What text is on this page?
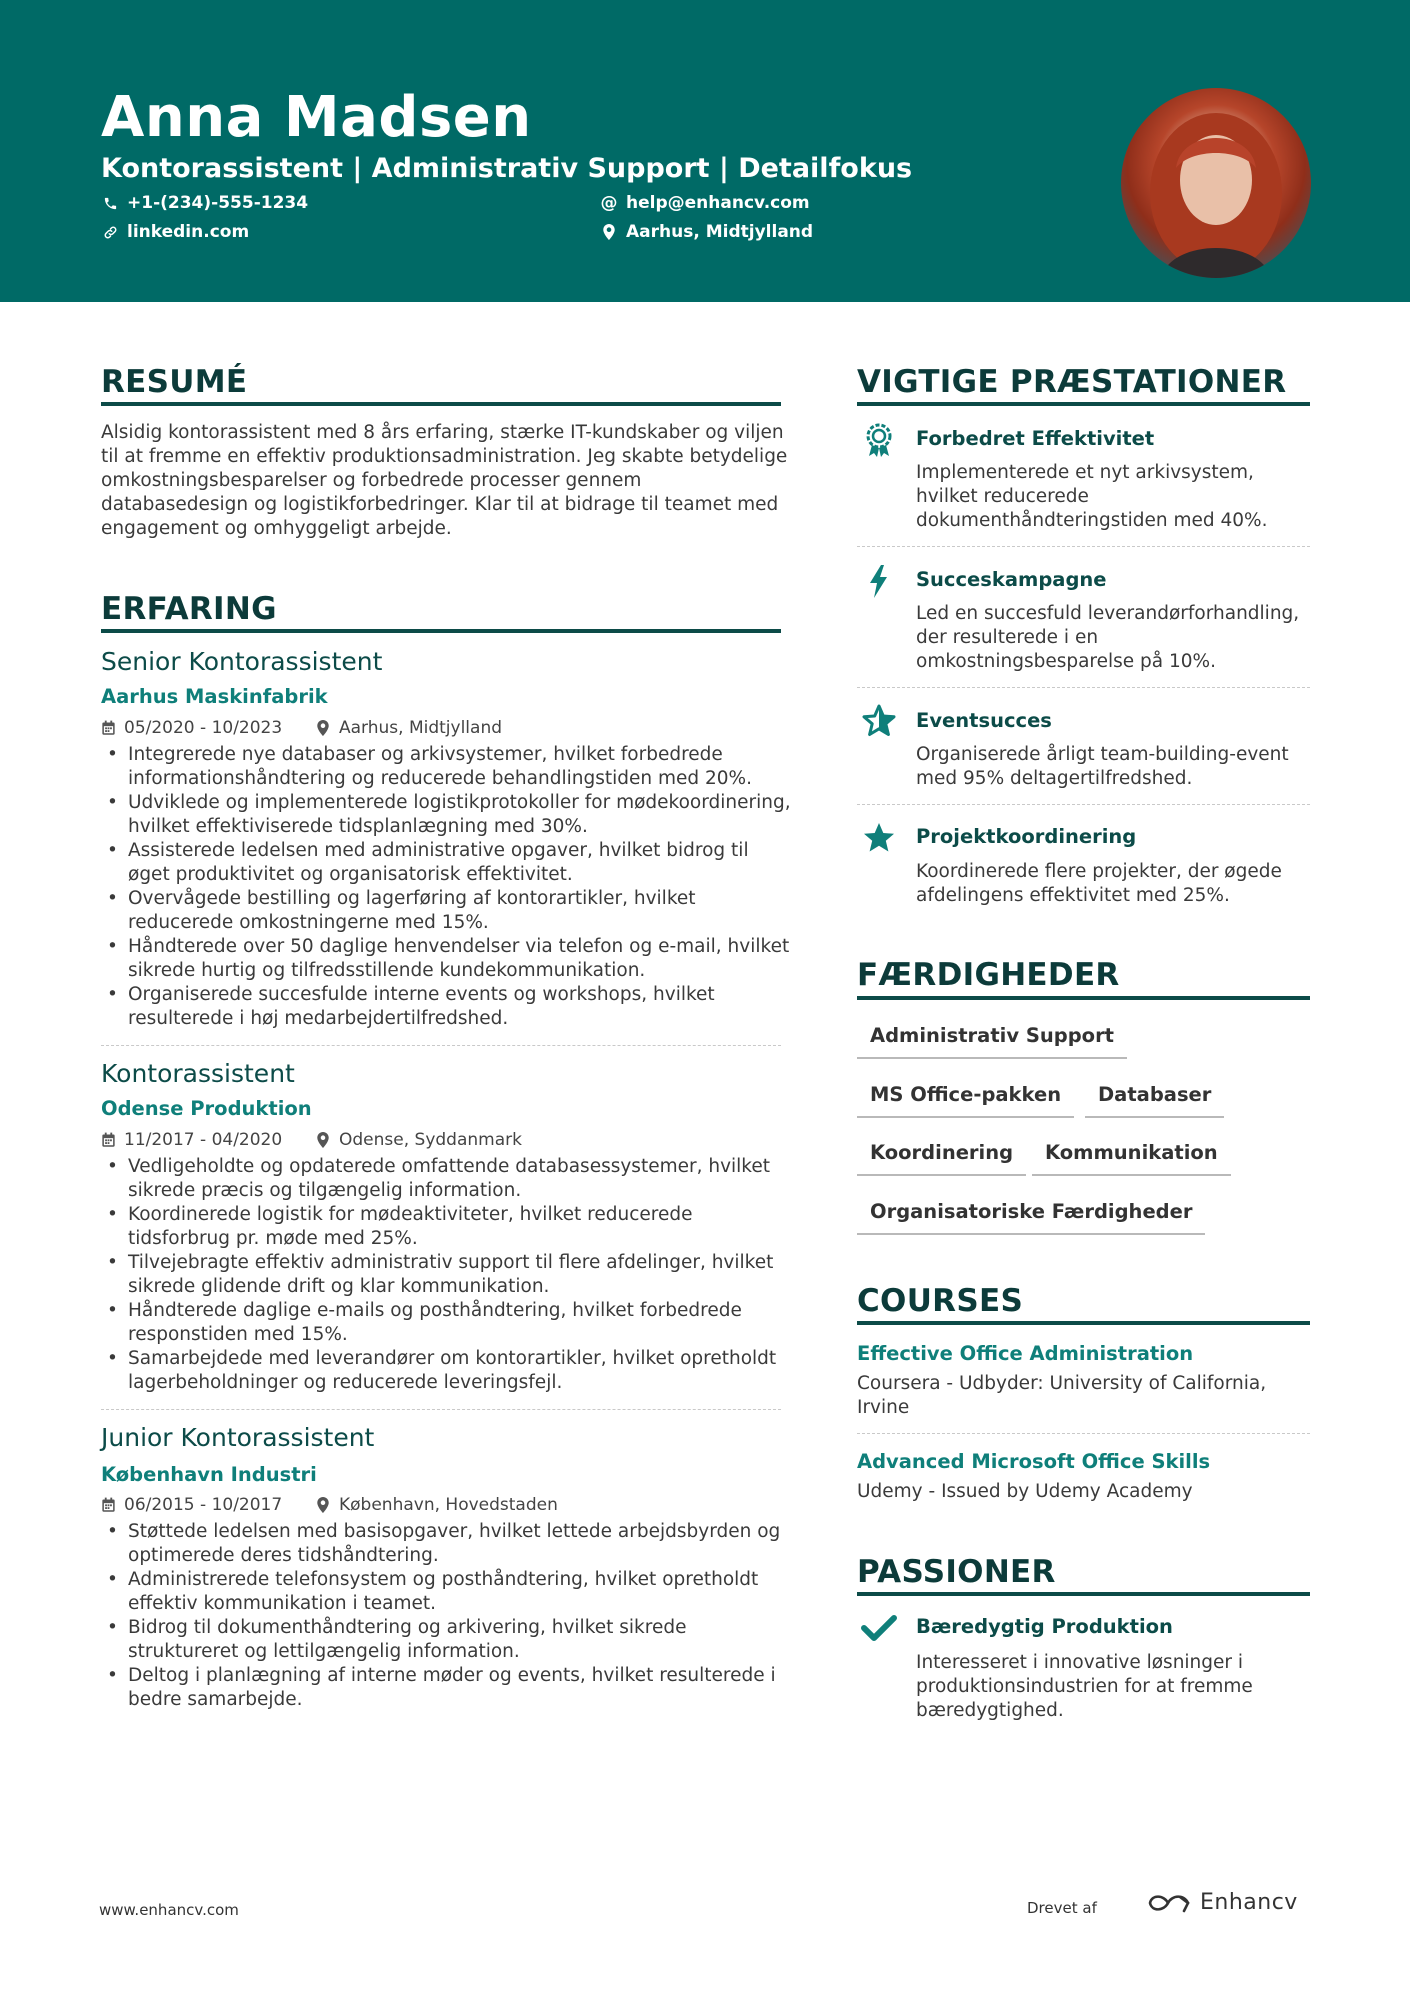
Anna Madsen
Kontorassistent | Administrativ Support | Detailfokus
+1-(234)-555-1234	@ help@enhancv.com
linkedin.com	Aarhus, Midtjylland
RESUMÉ
Alsidig kontorassistent med 8 års erfaring, stærke IT-kundskaber og viljen til at fremme en effektiv produktionsadministration. Jeg skabte betydelige omkostningsbesparelser og forbedrede processer gennem databasedesign og logistikforbedringer. Klar til at bidrage til teamet med engagement og omhyggeligt arbejde.
ERFARING
Senior Kontorassistent
Aarhus Maskinfabrik
05/2020 - 10/2023	Aarhus, Midtjylland
• Integrerede nye databaser og arkivsystemer, hvilket forbedrede informationshåndtering og reducerede behandlingstiden med 20%.
• Udviklede og implementerede logistikprotokoller for mødekoordinering, hvilket effektiviserede tidsplanlægning med 30%.
• Assisterede ledelsen med administrative opgaver, hvilket bidrog til øget produktivitet og organisatorisk effektivitet.
• Overvågede bestilling og lagerføring af kontorartikler, hvilket reducerede omkostningerne med 15%.
• Håndterede over 50 daglige henvendelser via telefon og e-mail, hvilket sikrede hurtig og tilfredsstillende kundekommunikation.
• Organiserede succesfulde interne events og workshops, hvilket resulterede i høj medarbejdertilfredshed.
Kontorassistent
Odense Produktion
11/2017 - 04/2020	Odense, Syddanmark
• Vedligeholdte og opdaterede omfattende databasessystemer, hvilket sikrede præcis og tilgængelig information.
• Koordinerede logistik for mødeaktiviteter, hvilket reducerede tidsforbrug pr. møde med 25%.
• Tilvejebragte effektiv administrativ support til flere afdelinger, hvilket sikrede glidende drift og klar kommunikation.
• Håndterede daglige e-mails og posthåndtering, hvilket forbedrede responstiden med 15%.
• Samarbejdede med leverandører om kontorartikler, hvilket opretholdt lagerbeholdninger og reducerede leveringsfejl.
Junior Kontorassistent
København Industri
06/2015 - 10/2017	København, Hovedstaden
• Støttede ledelsen med basisopgaver, hvilket lettede arbejdsbyrden og optimerede deres tidshåndtering.
• Administrerede telefonsystem og posthåndtering, hvilket opretholdt effektiv kommunikation i teamet.
• Bidrog til dokumenthåndtering og arkivering, hvilket sikrede struktureret og lettilgængelig information.
• Deltog i planlægning af interne møder og events, hvilket resulterede i bedre samarbejde.
VIGTIGE PRÆSTATIONER
Forbedret Effektivitet
Implementerede et nyt arkivsystem, hvilket reducerede dokumenthåndteringstiden med 40%.
Succeskampagne
Led en succesfuld leverandørforhandling, der resulterede i en omkostningsbesparelse på 10%.
Eventsucces
Organiserede årligt team-building-event med 95% deltagertilfredshed.
Projektkoordinering
Koordinerede flere projekter, der øgede afdelingens effektivitet med 25%.
FÆRDIGHEDER
Administrativ Support
MS Office-pakken	Databaser
Koordinering	Kommunikation
Organisatoriske Færdigheder
COURSES
Effective Office Administration
Coursera - Udbyder: University of California, Irvine
Advanced Microsoft Office Skills
Udemy - Issued by Udemy Academy
PASSIONER
Bæredygtig Produktion
Interesseret i innovative løsninger i produktionsindustrien for at fremme bæredygtighed.
www.enhancv.com	Drevet af	Enhancv
